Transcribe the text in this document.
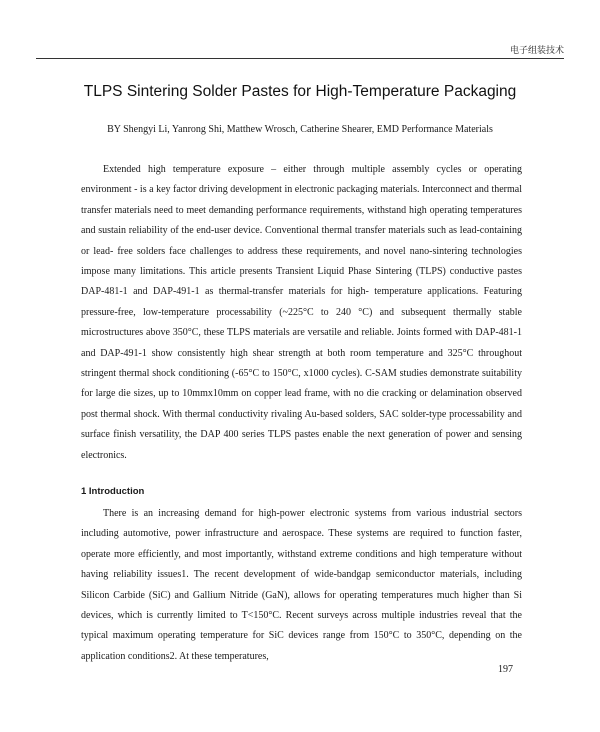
电子组装技术
TLPS Sintering Solder Pastes for High-Temperature Packaging
BY Shengyi Li, Yanrong Shi, Matthew Wrosch, Catherine Shearer, EMD Performance Materials

Extended high temperature exposure – either through multiple assembly cycles or operating environment - is a key factor driving development in electronic packaging materials. Interconnect and thermal transfer materials need to meet demanding performance requirements, withstand high operating temperatures and sustain reliability of the end-user device. Conventional thermal transfer materials such as lead-containing or lead- free solders face challenges to address these requirements, and novel nano-sintering technologies impose many limitations. This article presents Transient Liquid Phase Sintering (TLPS) conductive pastes DAP-481-1 and DAP-491-1 as thermal-transfer materials for high- temperature applications. Featuring pressure-free, low-temperature processability (~225°C to 240 °C) and subsequent thermally stable microstructures above 350°C, these TLPS materials are versatile and reliable. Joints formed with DAP-481-1 and DAP-491-1 show consistently high shear strength at both room temperature and 325°C throughout stringent thermal shock conditioning (-65°C to 150°C, x1000 cycles). C-SAM studies demonstrate suitability for large die sizes, up to 10mmx10mm on copper lead frame, with no die cracking or delamination observed post thermal shock. With thermal conductivity rivaling Au-based solders, SAC solder-type processability and surface finish versatility, the DAP 400 series TLPS pastes enable the next generation of power and sensing electronics.

1 Introduction

There is an increasing demand for high-power electronic systems from various industrial sectors including automotive, power infrastructure and aerospace. These systems are required to function faster, operate more efficiently, and most importantly, withstand extreme conditions and high temperature without having reliability issues1. The recent development of wide-bandgap semiconductor materials, including Silicon Carbide (SiC) and Gallium Nitride (GaN), allows for operating temperatures much higher than Si devices, which is currently limited to T<150°C. Recent surveys across multiple industries reveal that the typical maximum operating temperature for SiC devices range from 150°C to 350°C, depending on the application conditions2. At these temperatures,

197
